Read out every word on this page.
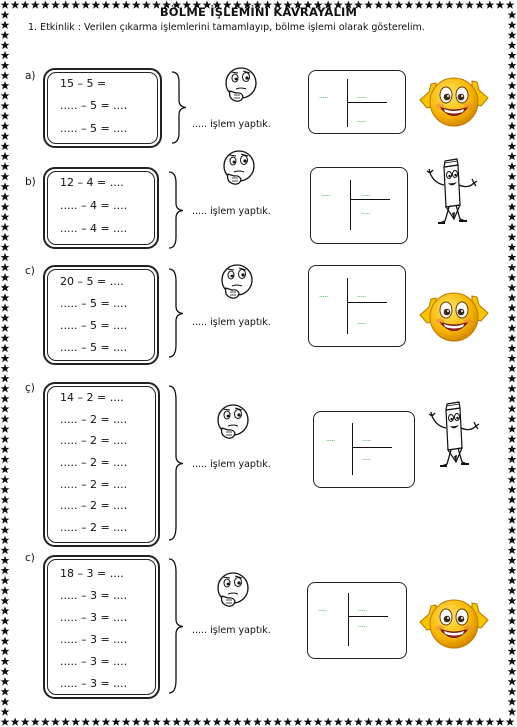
BÖLME İŞLEMİNİ KAVRAYALIM
1. Etkinlik : Verilen çıkarma işlemlerini tamamlayıp, bölme işlemi olarak gösterelim.
a)
15 – 5 =
..... – 5 = ....
..... – 5 = ....	..... işlem yaptık.
.....	.....
.....
b) 12 – 4 = ....
..... – 4 = ....
..... – 4 = ....
..... işlem yaptık.
.....	.....
.....
c)
20 – 5 = ....
..... – 5 = ....
..... – 5 = ....
..... – 5 = ....
..... işlem yaptık.
.....	.....
.....
ç)
14 – 2 = ....
..... – 2 = ....
..... – 2 = ....
..... – 2 = ....
..... – 2 = ....
..... – 2 = ....
..... – 2 = ....
..... işlem yaptık.
.....	.....
.....
c)
18 – 3 = ....
..... – 3 = ....
..... – 3 = ....
..... – 3 = ....
..... – 3 = ....
..... – 3 = ....
..... işlem yaptık.
.....	.....
.....
